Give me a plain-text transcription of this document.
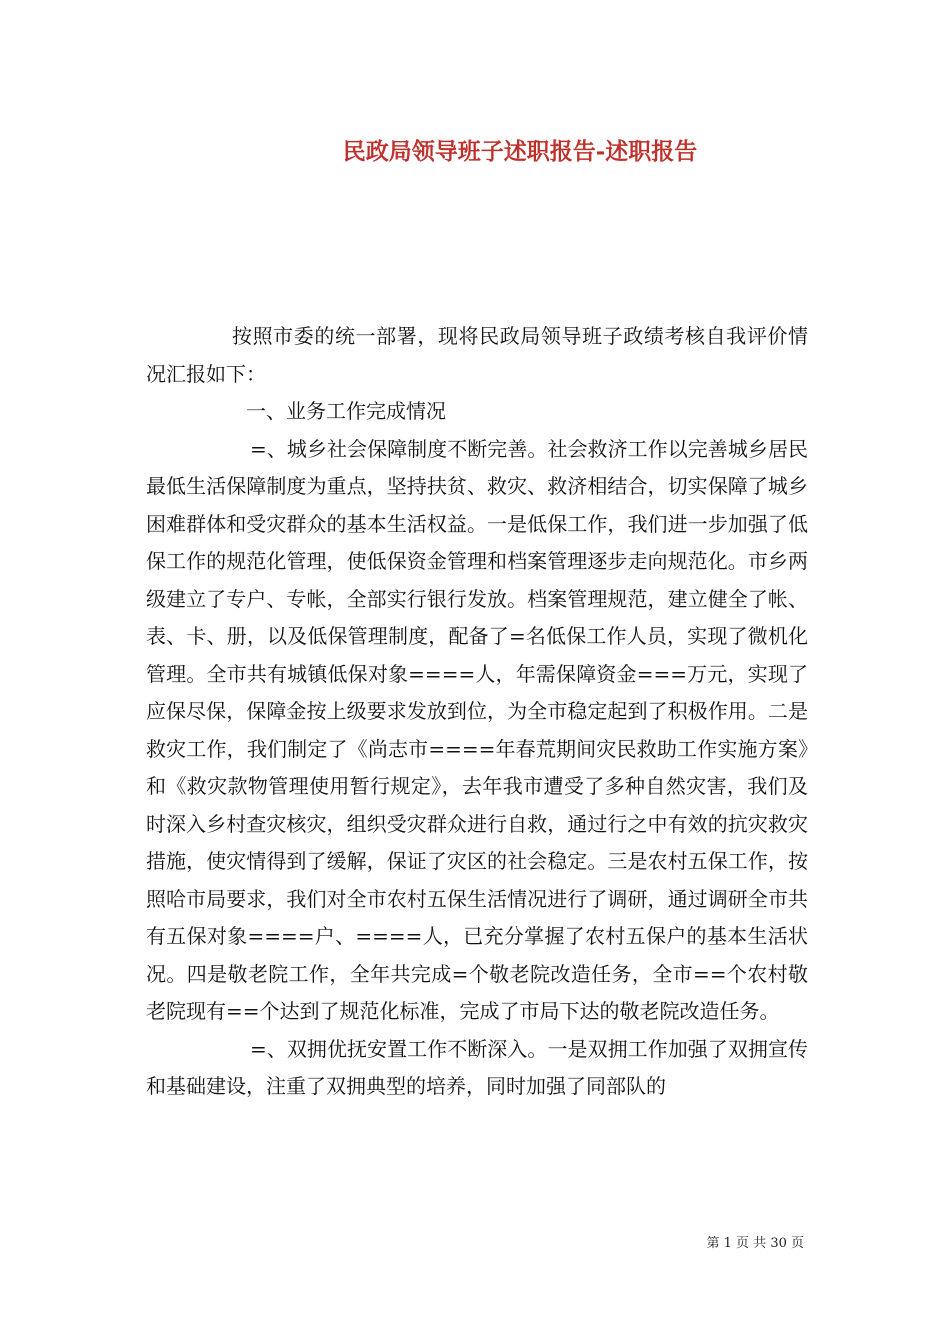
民政局领导班子述职报告-述职报告

按照市委的统一部署，现将民政局领导班子政绩考核自我评价情况汇报如下：

一、业务工作完成情况

=、城乡社会保障制度不断完善。社会救济工作以完善城乡居民最低生活保障制度为重点，坚持扶贫、救灾、救济相结合，切实保障了城乡困难群体和受灾群众的基本生活权益。一是低保工作，我们进一步加强了低保工作的规范化管理，使低保资金管理和档案管理逐步走向规范化。市乡两级建立了专户、专帐，全部实行银行发放。档案管理规范，建立健全了帐、表、卡、册，以及低保管理制度，配备了=名低保工作人员，实现了微机化管理。全市共有城镇低保对象====人，年需保障资金===万元，实现了应保尽保，保障金按上级要求发放到位，为全市稳定起到了积极作用。二是救灾工作，我们制定了《尚志市====年春荒期间灾民救助工作实施方案》和《救灾款物管理使用暂行规定》，去年我市遭受了多种自然灾害，我们及时深入乡村查灾核灾，组织受灾群众进行自救，通过行之中有效的抗灾救灾措施，使灾情得到了缓解，保证了灾区的社会稳定。三是农村五保工作，按照哈市局要求，我们对全市农村五保生活情况进行了调研，通过调研全市共有五保对象====户、====人，已充分掌握了农村五保户的基本生活状况。四是敬老院工作，全年共完成=个敬老院改造任务，全市==个农村敬老院现有==个达到了规范化标准，完成了市局下达的敬老院改造任务。

=、双拥优抚安置工作不断深入。一是双拥工作加强了双拥宣传和基础建设，注重了双拥典型的培养，同时加强了同部队的

第 1 页 共 30 页
